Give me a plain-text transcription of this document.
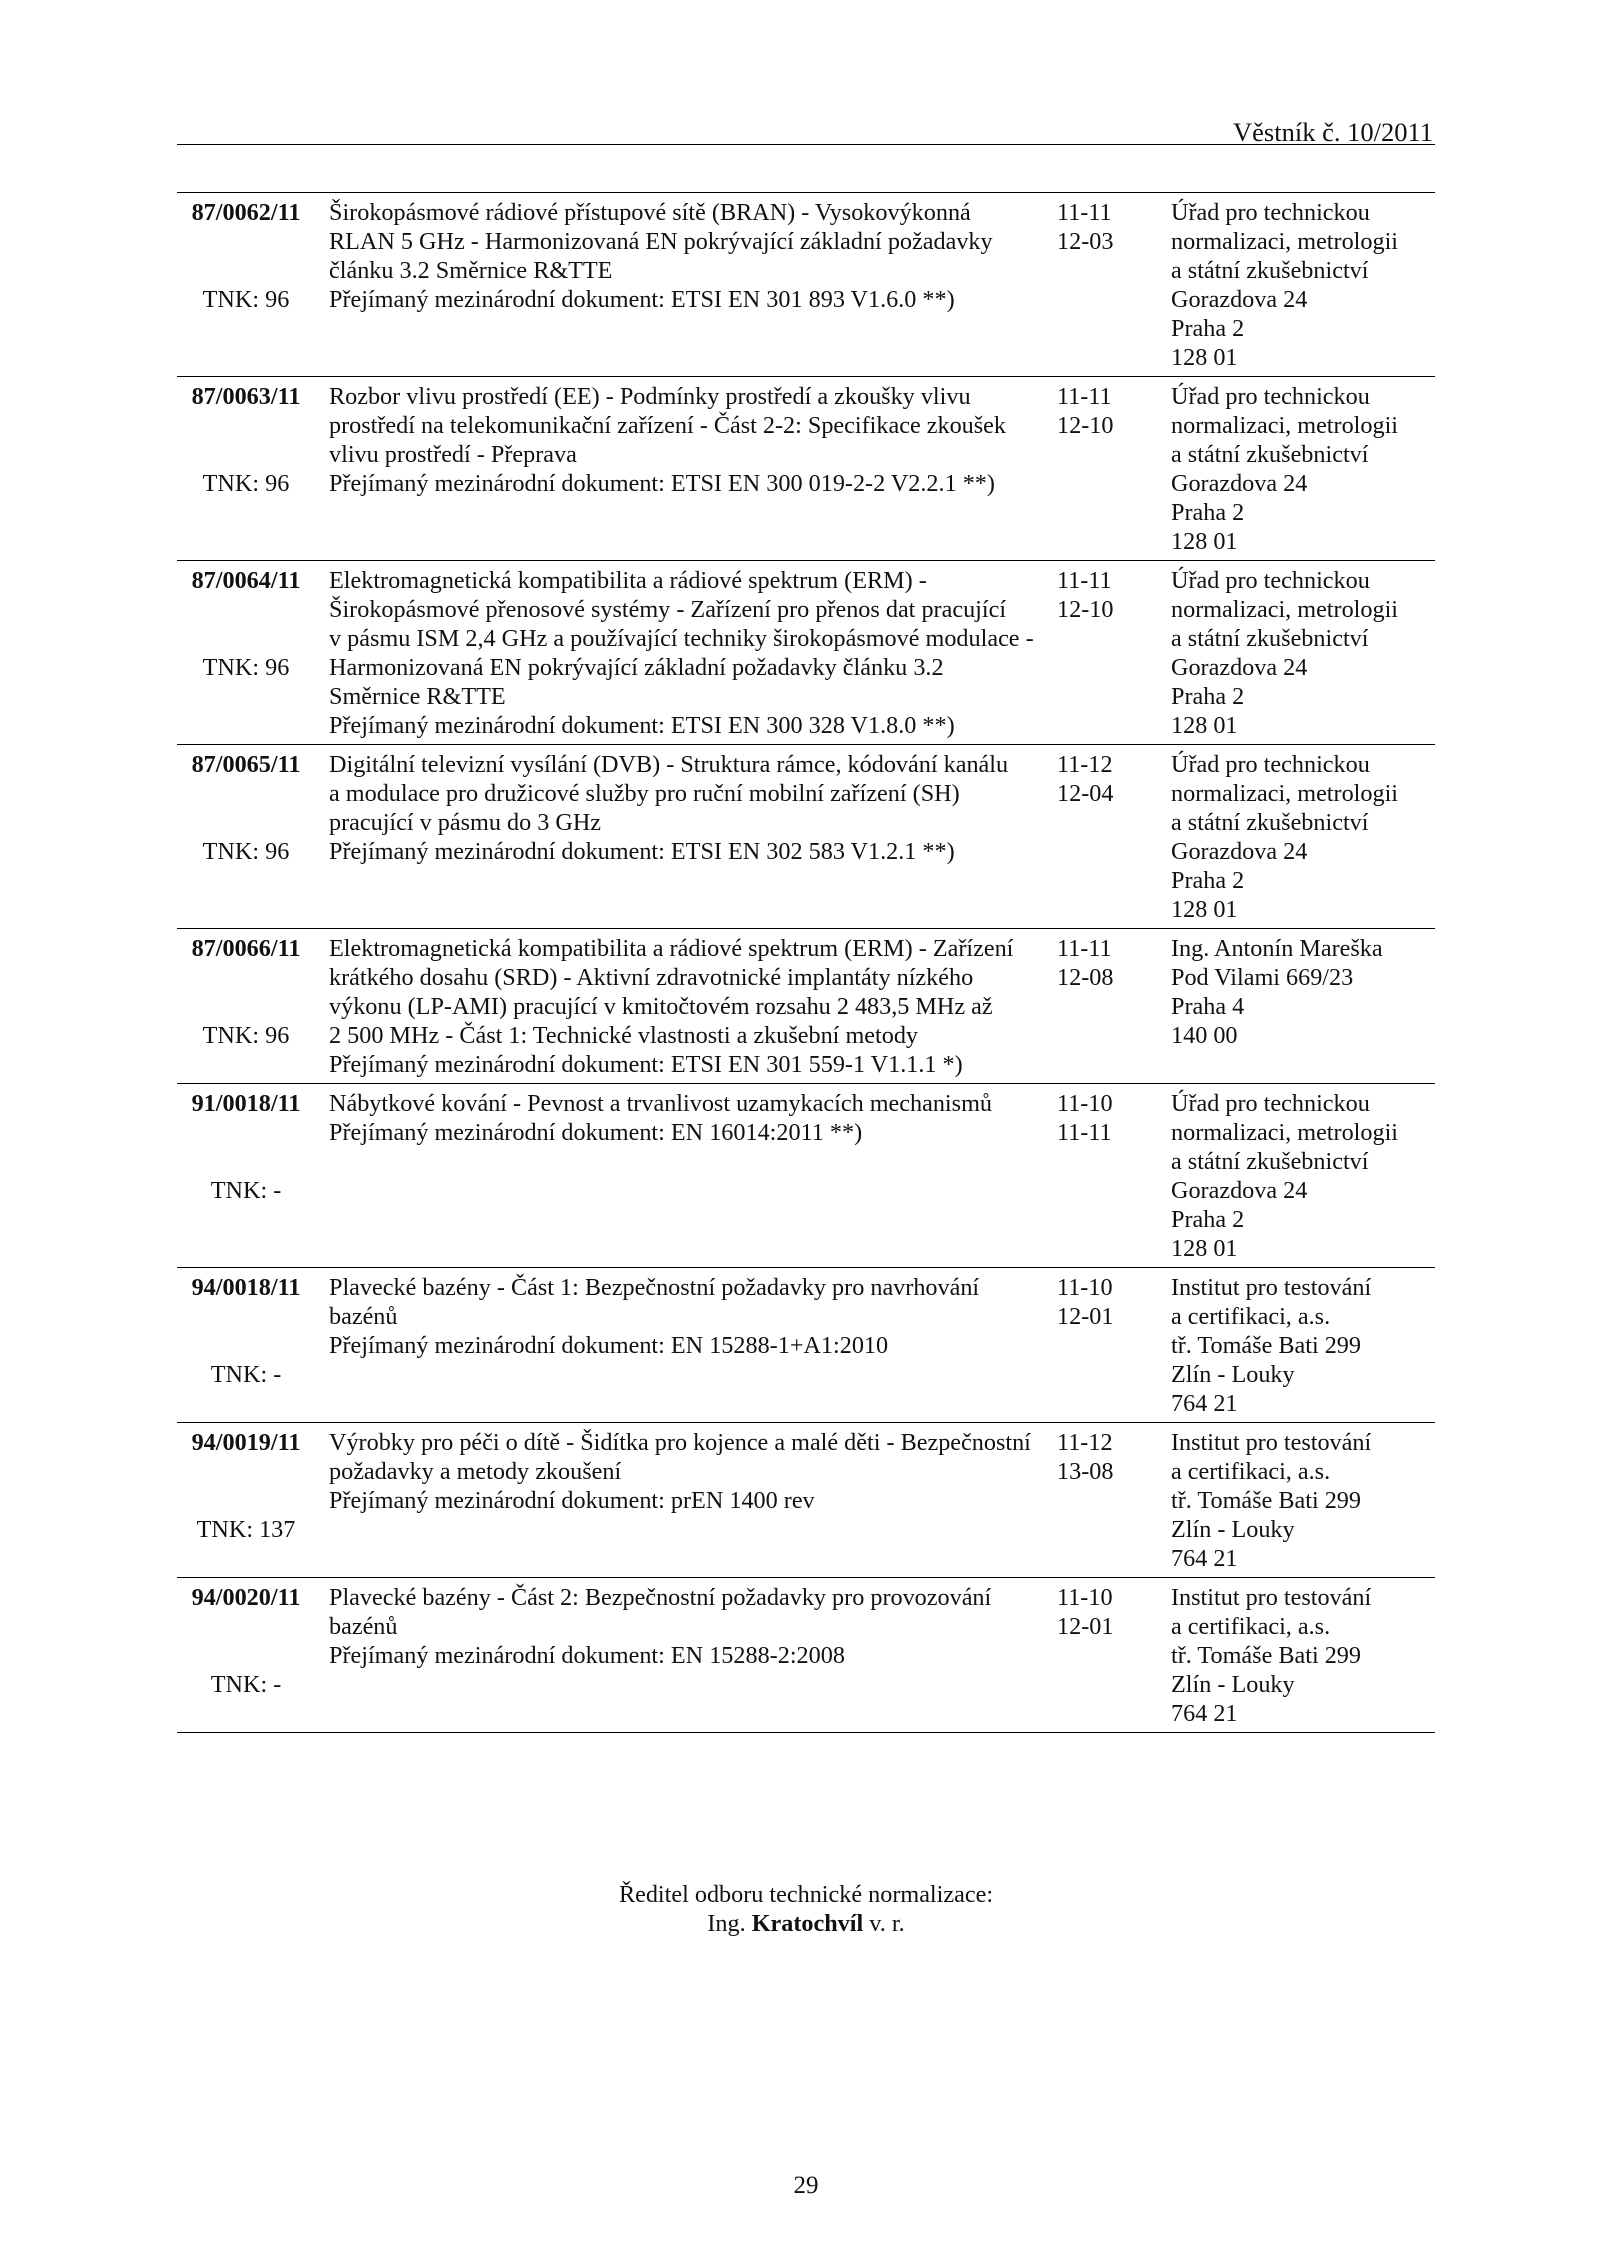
Věstník č. 10/2011
87/0062/11
TNK: 96
Širokopásmové rádiové přístupové sítě (BRAN) - Vysokovýkonná
RLAN 5 GHz - Harmonizovaná EN pokrývající základní požadavky
článku 3.2 Směrnice R&TTE
Přejímaný mezinárodní dokument: ETSI EN 301 893 V1.6.0 **)
11-11
12-03
Úřad pro technickou
normalizaci, metrologii
a státní zkušebnictví
Gorazdova 24
Praha 2
128 01
87/0063/11
TNK: 96
Rozbor vlivu prostředí (EE) - Podmínky prostředí a zkoušky vlivu
prostředí na telekomunikační zařízení - Část 2-2: Specifikace zkoušek
vlivu prostředí - Přeprava
Přejímaný mezinárodní dokument: ETSI EN 300 019-2-2 V2.2.1 **)
11-11
12-10
Úřad pro technickou
normalizaci, metrologii
a státní zkušebnictví
Gorazdova 24
Praha 2
128 01
87/0064/11
TNK: 96
Elektromagnetická kompatibilita a rádiové spektrum (ERM) -
Širokopásmové přenosové systémy - Zařízení pro přenos dat pracující
v pásmu ISM 2,4 GHz a používající techniky širokopásmové modulace -
Harmonizovaná EN pokrývající základní požadavky článku 3.2
Směrnice R&TTE
Přejímaný mezinárodní dokument: ETSI EN 300 328 V1.8.0 **)
11-11
12-10
Úřad pro technickou
normalizaci, metrologii
a státní zkušebnictví
Gorazdova 24
Praha 2
128 01
87/0065/11
TNK: 96
Digitální televizní vysílání (DVB) - Struktura rámce, kódování kanálu
a modulace pro družicové služby pro ruční mobilní zařízení (SH)
pracující v pásmu do 3 GHz
Přejímaný mezinárodní dokument: ETSI EN 302 583 V1.2.1 **)
11-12
12-04
Úřad pro technickou
normalizaci, metrologii
a státní zkušebnictví
Gorazdova 24
Praha 2
128 01
87/0066/11
TNK: 96
Elektromagnetická kompatibilita a rádiové spektrum (ERM) - Zařízení
krátkého dosahu (SRD) - Aktivní zdravotnické implantáty nízkého
výkonu (LP-AMI) pracující v kmitočtovém rozsahu 2 483,5 MHz až
2 500 MHz - Část 1: Technické vlastnosti a zkušební metody
Přejímaný mezinárodní dokument: ETSI EN 301 559-1 V1.1.1 *)
11-11
12-08
Ing. Antonín Mareška
Pod Vilami 669/23
Praha 4
140 00
91/0018/11
TNK: -
Nábytkové kování - Pevnost a trvanlivost uzamykacích mechanismů
Přejímaný mezinárodní dokument: EN 16014:2011 **)
11-10
11-11
Úřad pro technickou
normalizaci, metrologii
a státní zkušebnictví
Gorazdova 24
Praha 2
128 01
94/0018/11
TNK: -
Plavecké bazény - Část 1: Bezpečnostní požadavky pro navrhování
bazénů
Přejímaný mezinárodní dokument: EN 15288-1+A1:2010
11-10
12-01
Institut pro testování
a certifikaci, a.s.
tř. Tomáše Bati 299
Zlín - Louky
764 21
94/0019/11
TNK: 137
Výrobky pro péči o dítě - Šidítka pro kojence a malé děti - Bezpečnostní
požadavky a metody zkoušení
Přejímaný mezinárodní dokument: prEN 1400 rev
11-12
13-08
Institut pro testování
a certifikaci, a.s.
tř. Tomáše Bati 299
Zlín - Louky
764 21
94/0020/11
TNK: -
Plavecké bazény - Část 2: Bezpečnostní požadavky pro provozování
bazénů
Přejímaný mezinárodní dokument: EN 15288-2:2008
11-10
12-01
Institut pro testování
a certifikaci, a.s.
tř. Tomáše Bati 299
Zlín - Louky
764 21
Ředitel odboru technické normalizace:
Ing. Kratochvíl v. r.
29
